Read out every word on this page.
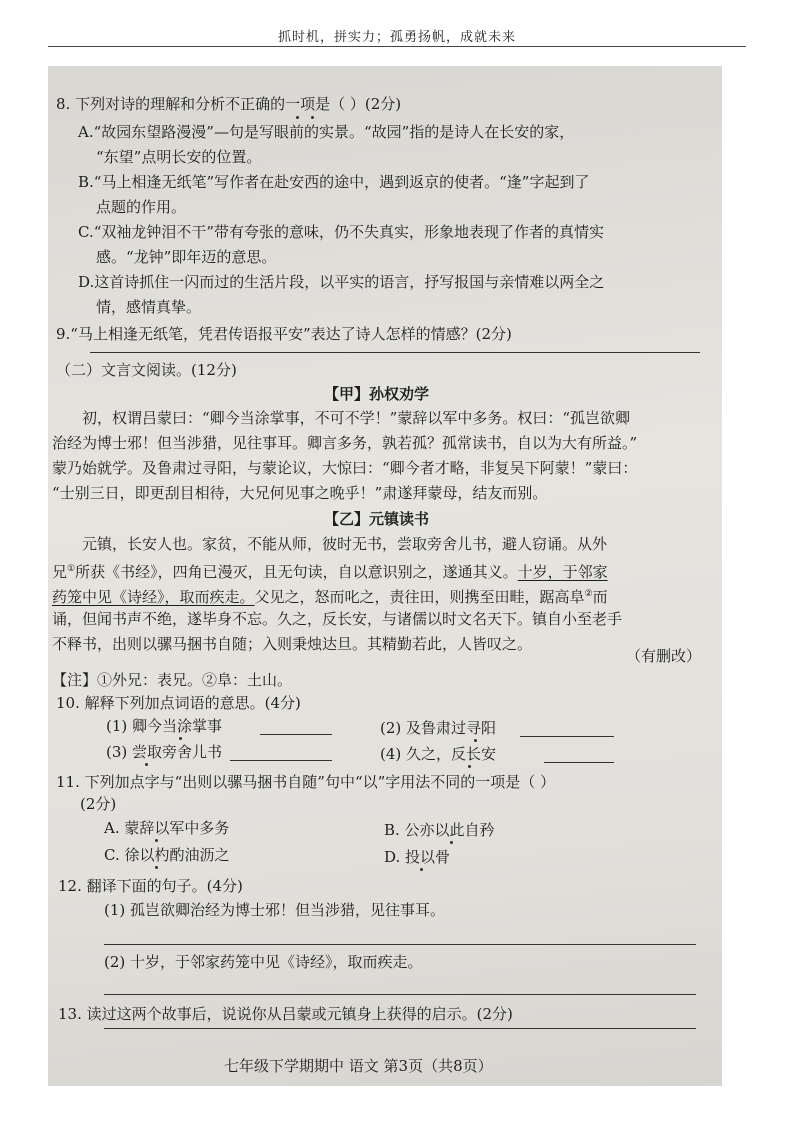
抓时机，拼实力；孤勇扬帆，成就未来
8. 下列对诗的理解和分析不正确的一项是（ ）(2分)
A.“故园东望路漫漫”—句是写眼前的实景。“故园”指的是诗人在长安的家，
“东望”点明长安的位置。
B.“马上相逢无纸笔”写作者在赴安西的途中，遇到返京的使者。“逢”字起到了
点题的作用。
C.“双袖龙钟泪不干”带有夸张的意味，仍不失真实，形象地表现了作者的真情实
感。“龙钟”即年迈的意思。
D.这首诗抓住一闪而过的生活片段，以平实的语言，抒写报国与亲情难以两全之
情，感情真挚。
9.“马上相逢无纸笔，凭君传语报平安”表达了诗人怎样的情感？(2分)
（二）文言文阅读。(12分)
【甲】孙权劝学
初，权谓吕蒙曰：“卿今当涂掌事，不可不学！”蒙辞以军中多务。权曰：“孤岂欲卿
治经为博士邪！但当涉猎，见往事耳。卿言多务，孰若孤？孤常读书，自以为大有所益。”
蒙乃始就学。及鲁肃过寻阳，与蒙论议，大惊曰：“卿今者才略，非复吴下阿蒙！”蒙曰：
“士别三日，即更刮目相待，大兄何见事之晚乎！”肃遂拜蒙母，结友而别。
【乙】元镇读书
元镇，长安人也。家贫，不能从师，彼时无书，尝取旁舍儿书，避人窃诵。从外
兄①所获《书经》，四角已漫灭，且无句读，自以意识别之，遂通其义。十岁，于邻家
药笼中见《诗经》，取而疾走。父见之，怒而叱之，责往田，则携至田畦，踞高阜②而
诵，但闻书声不绝，遂毕身不忘。久之，反长安，与诸儒以时文名天下。镇自小至老手
不释书，出则以骡马捆书自随；入则秉烛达旦。其精勤若此，人皆叹之。
（有删改）
【注】①外兄：表兄。②阜：土山。
10. 解释下列加点词语的意思。(4分)
(1) 卿今当涂掌事	(2) 及鲁肃过寻阳
(3) 尝取旁舍儿书	(4) 久之，反长安
11. 下列加点字与“出则以骡马捆书自随”句中“以”字用法不同的一项是（ ）
(2分)
A. 蒙辞以军中多务	B. 公亦以此自矜
C. 徐以杓酌油沥之	D. 投以骨
12. 翻译下面的句子。(4分)
(1) 孤岂欲卿治经为博士邪！但当涉猎，见往事耳。
(2) 十岁，于邻家药笼中见《诗经》，取而疾走。
13. 读过这两个故事后，说说你从吕蒙或元镇身上获得的启示。(2分)
七年级下学期期中 语文 第3页（共8页）
